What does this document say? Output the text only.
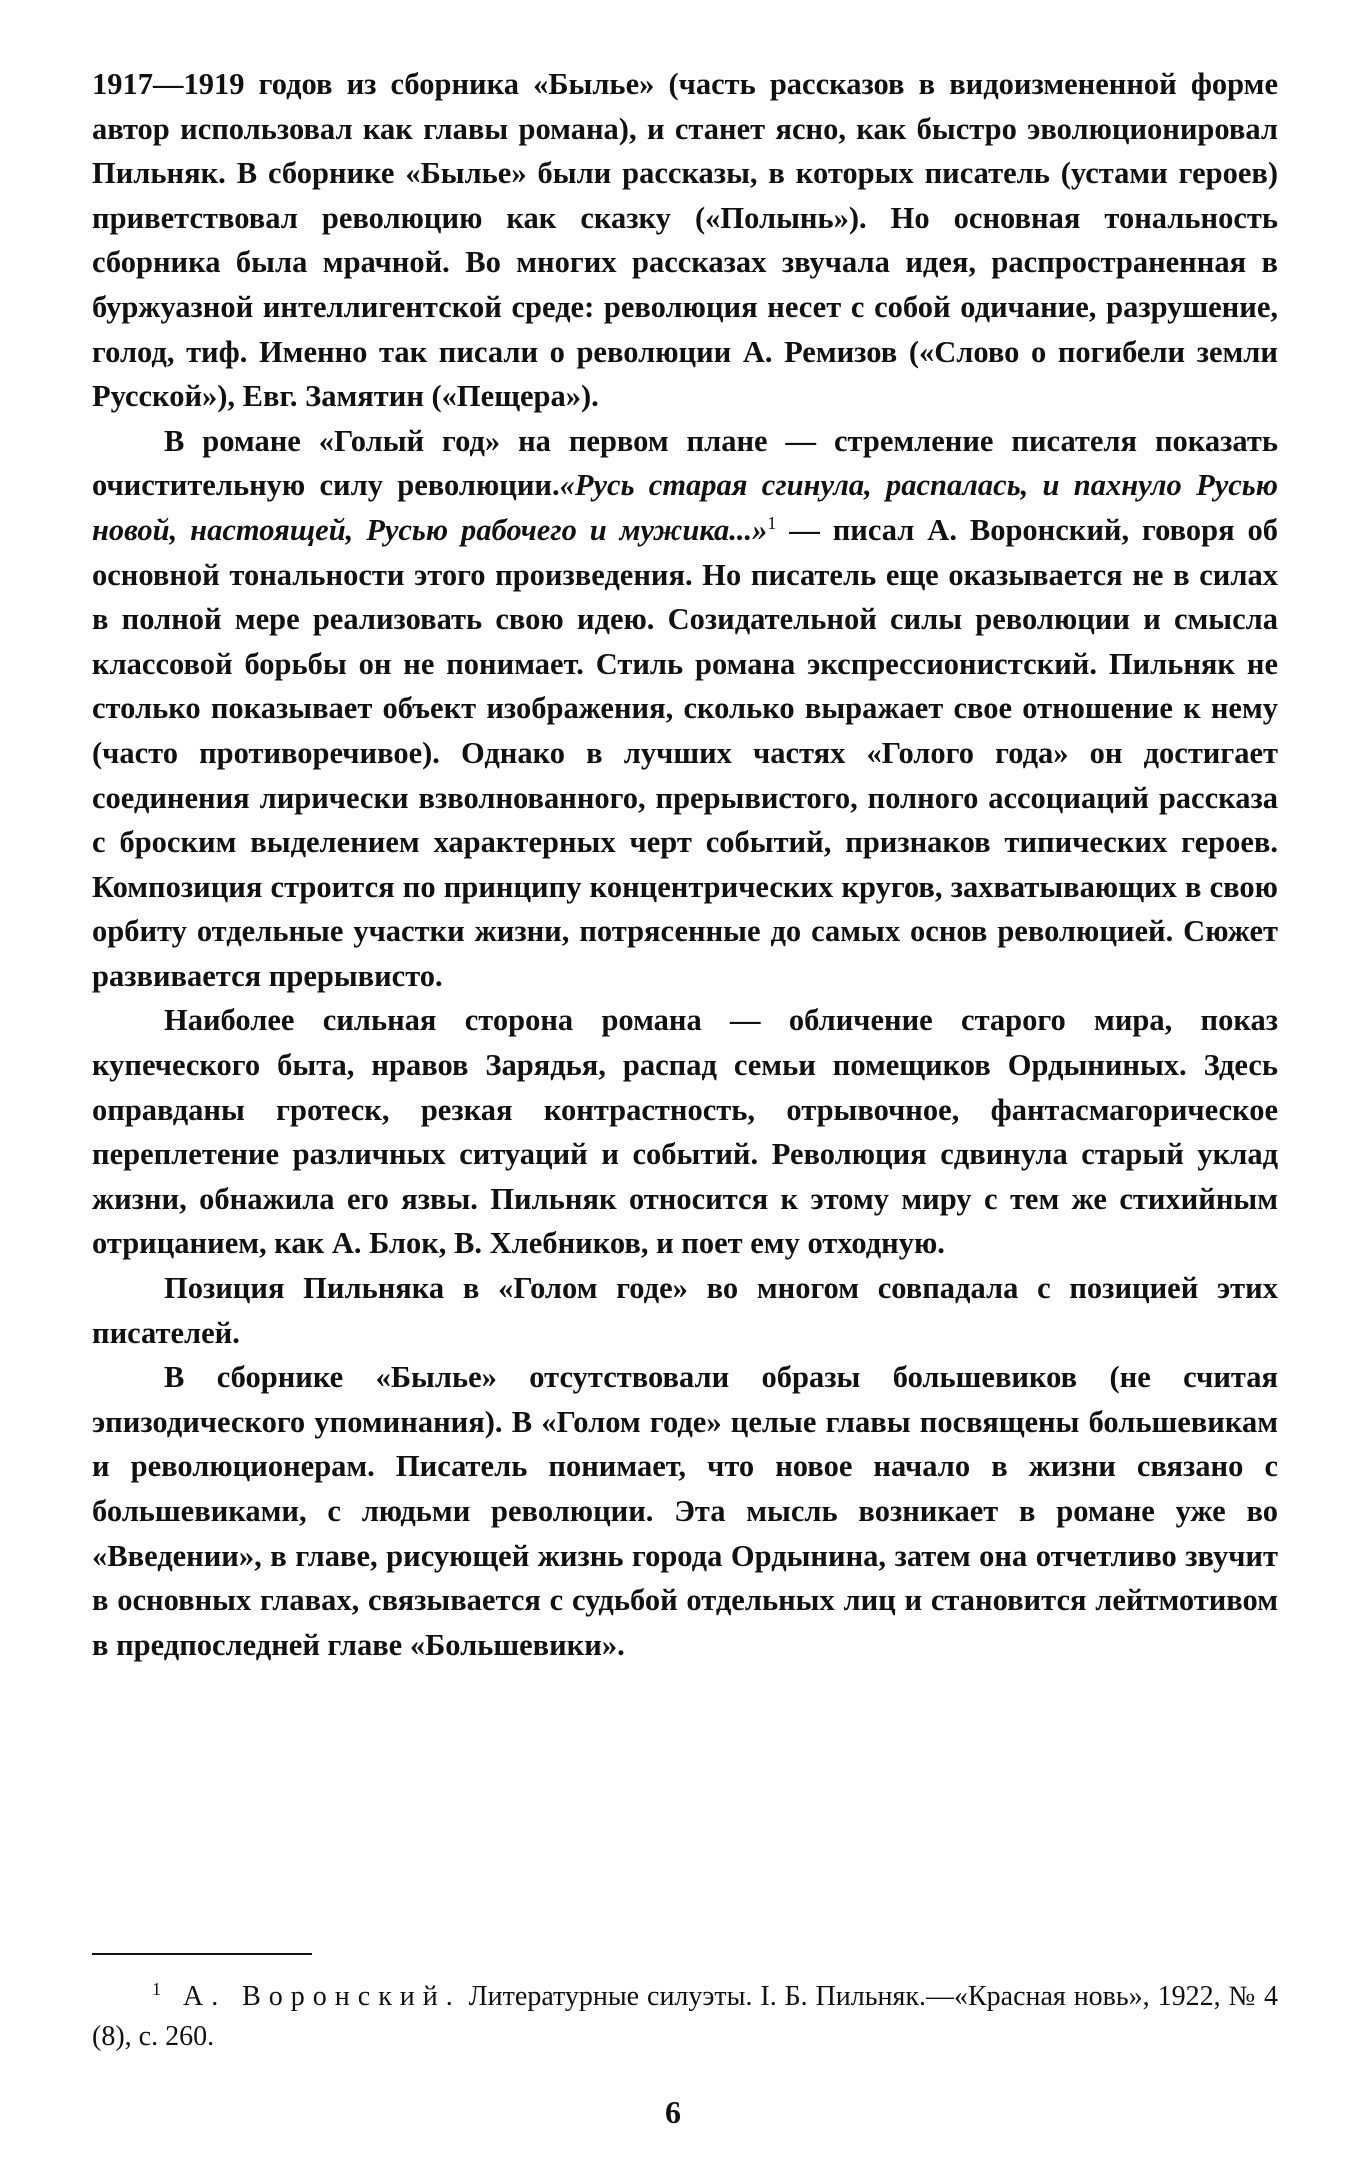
1917—1919 годов из сборника «Былье» (часть рассказов в видоизмененной форме автор использовал как главы романа), и станет ясно, как быстро эволюционировал Пильняк. В сборнике «Былье» были рассказы, в которых писатель (устами героев) приветствовал революцию как сказку («Полынь»). Но основная тональность сборника была мрачной. Во многих рассказах звучала идея, распространенная в буржуазной интеллигентской среде: революция несет с собой одичание, разрушение, голод, тиф. Именно так писали о революции А. Ремизов («Слово о погибели земли Русской»), Евг. Замятин («Пещера»).

В романе «Голый год» на первом плане — стремление писателя показать очистительную силу революции.«Русь старая сгинула, распалась, и пахнуло Русью новой, настоящей, Русью рабочего и мужика...»$^1$ — писал А. Воронский, говоря об основной тональности этого произведения. Но писатель еще оказывается не в силах в полной мере реализовать свою идею. Созидательной силы революции и смысла классовой борьбы он не понимает. Стиль романа экспрессионистский. Пильняк не столько показывает объект изображения, сколько выражает свое отношение к нему (часто противоречивое). Однако в лучших частях «Голого года» он достигает соединения лирически взволнованного, прерывистого, полного ассоциаций рассказа с броским выделением характерных черт событий, признаков типических героев. Композиция строится по принципу концентрических кругов, захватывающих в свою орбиту отдельные участки жизни, потрясенные до самых основ революцией. Сюжет развивается прерывисто.

Наиболее сильная сторона романа — обличение старого мира, показ купеческого быта, нравов Зарядья, распад семьи помещиков Ордыниных. Здесь оправданы гротеск, резкая контрастность, отрывочное, фантасмагорическое переплетение различных ситуаций и событий. Революция сдвинула старый уклад жизни, обнажила его язвы. Пильняк относится к этому миру с тем же стихийным отрицанием, как А. Блок, В. Хлебников, и поет ему отходную.

Позиция Пильняка в «Голом годе» во многом совпадала с позицией этих писателей.

В сборнике «Былье» отсутствовали образы большевиков (не считая эпизодического упоминания). В «Голом годе» целые главы посвящены большевикам и революционерам. Писатель понимает, что новое начало в жизни связано с большевиками, с людьми революции. Эта мысль возникает в романе уже во «Введении», в главе, рисующей жизнь города Ордынина, затем она отчетливо звучит в основных главах, связывается с судьбой отдельных лиц и становится лейтмотивом в предпоследней главе «Большевики».

$^1$ А. Воронский. Литературные силуэты. I. Б. Пильняк.—«Красная новь», 1922, № 4 (8), с. 260.

6
